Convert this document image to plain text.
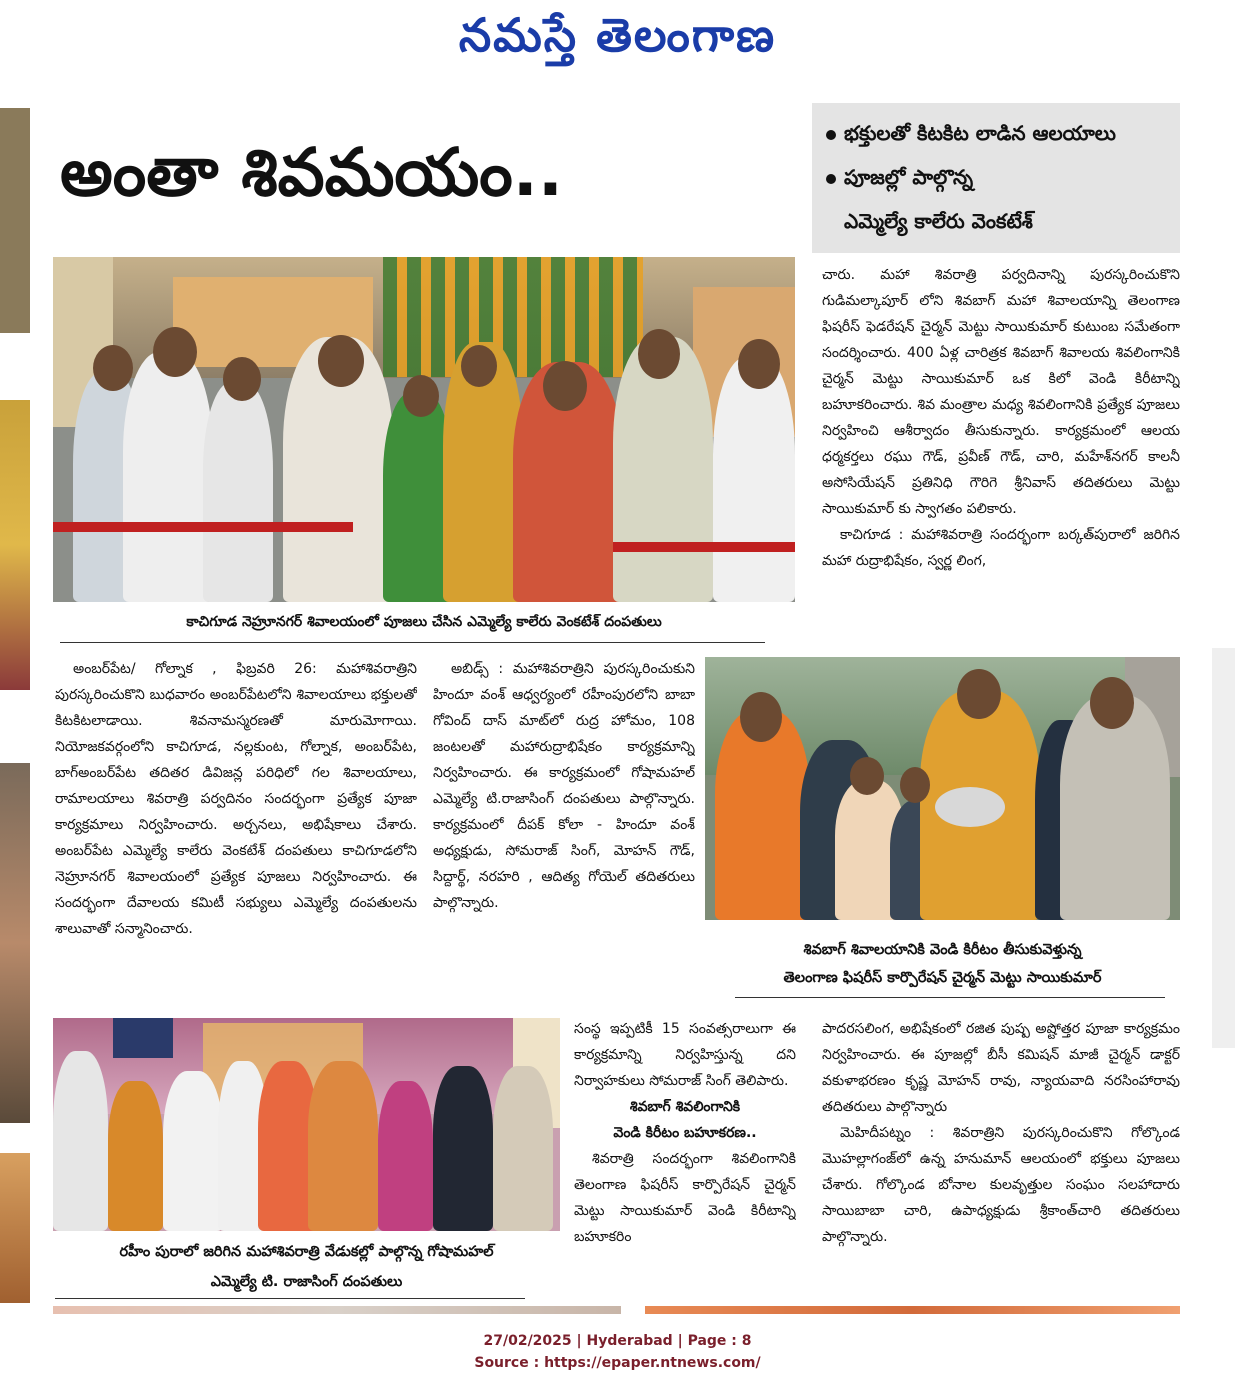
నమస్తే తెలంగాణ
అంతా శివమయం..
భక్తులతో కిటకిట లాడిన ఆలయాలు
పూజల్లో పాల్గొన్న
ఎమ్మెల్యే కాలేరు వెంకటేశ్
కాచిగూడ నెహ్రూనగర్ శివాలయంలో పూజలు చేసిన ఎమ్మెల్యే కాలేరు వెంకటేశ్ దంపతులు

చారు. మహా శివరాత్రి పర్వదినాన్ని పురస్కరించుకొని గుడిమల్కాపూర్ లోని శివబాగ్ మహా శివాలయాన్ని తెలంగాణ ఫిషరీస్ ఫెడరేషన్ చైర్మన్ మెట్టు సాయికుమార్ కుటుంబ సమేతంగా సందర్శించారు. 400 ఏళ్ల చారిత్రక శివబాగ్ శివాలయ శివలింగానికి చైర్మన్ మెట్టు సాయికుమార్ ఒక కిలో వెండి కిరీటాన్ని బహూకరించారు. శివ మంత్రాల మధ్య శివలింగానికి ప్రత్యేక పూజలు నిర్వహించి ఆశీర్వాదం తీసుకున్నారు. కార్యక్రమంలో ఆలయ ధర్మకర్తలు రఘు గౌడ్, ప్రవీణ్ గౌడ్, చారి, మహేశ్‌నగర్ కాలనీ అసోసియేషన్ ప్రతినిధి గౌరిగె శ్రీనివాస్ తదితరులు మెట్టు సాయికుమార్ కు స్వాగతం పలికారు.

కాచిగూడ : మహాశివరాత్రి సందర్భంగా బర్కత్‌పురాలో జరిగిన మహా రుద్రాభిషేకం, స్వర్ణ లింగ,

అంబర్‌పేట/ గోల్నాక , ఫిబ్రవరి 26: మహాశివరాత్రిని పురస్కరించుకొని బుధవారం అంబర్‌పేటలోని శివాలయాలు భక్తులతో కిటకిటలాడాయి. శివనామస్మరణతో మారుమోగాయి. నియోజకవర్గంలోని కాచిగూడ, నల్లకుంట, గోల్నాక, అంబర్‌పేట, బాగ్‌అంబర్‌పేట తదితర డివిజన్ల పరిధిలో గల శివాలయాలు, రామాలయాలు శివరాత్రి పర్వదినం సందర్భంగా ప్రత్యేక పూజా కార్యక్రమాలు నిర్వహించారు. అర్చనలు, అభిషేకాలు చేశారు. అంబర్‌పేట ఎమ్మెల్యే కాలేరు వెంకటేశ్ దంపతులు కాచిగూడలోని నెహ్రూనగర్ శివాలయంలో ప్రత్యేక పూజలు నిర్వహించారు. ఈ సందర్భంగా దేవాలయ కమిటీ సభ్యులు ఎమ్మెల్యే దంపతులను శాలువాతో సన్మానించారు.

అబిడ్స్ : మహాశివరాత్రిని పురస్కరించుకుని హిందూ వంశ్ ఆధ్వర్యంలో రహీంపురలోని బాబా గోవింద్ దాస్ మాట్‌లో రుద్ర హోమం, 108 జంటలతో మహారుద్రాభిషేకం కార్యక్రమాన్ని నిర్వహించారు. ఈ కార్యక్రమంలో గోషామహల్ ఎమ్మెల్యే టి.రాజాసింగ్ దంపతులు పాల్గొన్నారు. కార్యక్రమంలో దీపక్ కోలా - హిందూ వంశ్ అధ్యక్షుడు, సోమరాజ్ సింగ్, మోహన్ గౌడ్, సిద్దార్థ్, నరహరి , ఆదిత్య గోయెల్ తదితరులు పాల్గొన్నారు.

శివబాగ్ శివాలయానికి వెండి కిరీటం తీసుకువెళ్తున్న
తెలంగాణ ఫిషరీస్ కార్పొరేషన్ చైర్మన్ మెట్టు సాయికుమార్
రహీం పురాలో జరిగిన మహాశివరాత్రి వేడుకల్లో పాల్గొన్న గోషామహల్
ఎమ్మెల్యే టి. రాజాసింగ్ దంపతులు

సంస్థ ఇప్పటికీ 15 సంవత్సరాలుగా ఈ కార్యక్రమాన్ని నిర్వహిస్తున్న దని నిర్వాహకులు సోమరాజ్ సింగ్ తెలిపారు.

శివబాగ్ శివలింగానికి

వెండి కిరీటం బహూకరణ..

శివరాత్రి సందర్భంగా శివలింగానికి తెలంగాణ ఫిషరీస్ కార్పొరేషన్ చైర్మన్ మెట్టు సాయికుమార్ వెండి కిరీటాన్ని బహూకరిం

పాదరసలింగ, అభిషేకంలో రజిత పుష్ప అష్టోత్తర పూజా కార్యక్రమం నిర్వహించారు. ఈ పూజల్లో బీసీ కమిషన్ మాజీ చైర్మన్ డాక్టర్ వకుళాభరణం కృష్ణ మోహన్ రావు, న్యాయవాది నరసింహారావు తదితరులు పాల్గొన్నారు

మెహిదీపట్నం : శివరాత్రిని పురస్కరించుకొని గోల్కొండ మొహల్లాగంజ్‌లో ఉన్న హనుమాన్ ఆలయంలో భక్తులు పూజలు చేశారు. గోల్కొండ బోనాల కులవృత్తుల సంఘం సలహాదారు సాయిబాబా చారి, ఉపాధ్యక్షుడు శ్రీకాంత్‌చారి తదితరులు పాల్గొన్నారు.

27/02/2025 | Hyderabad | Page : 8
Source : https://epaper.ntnews.com/
